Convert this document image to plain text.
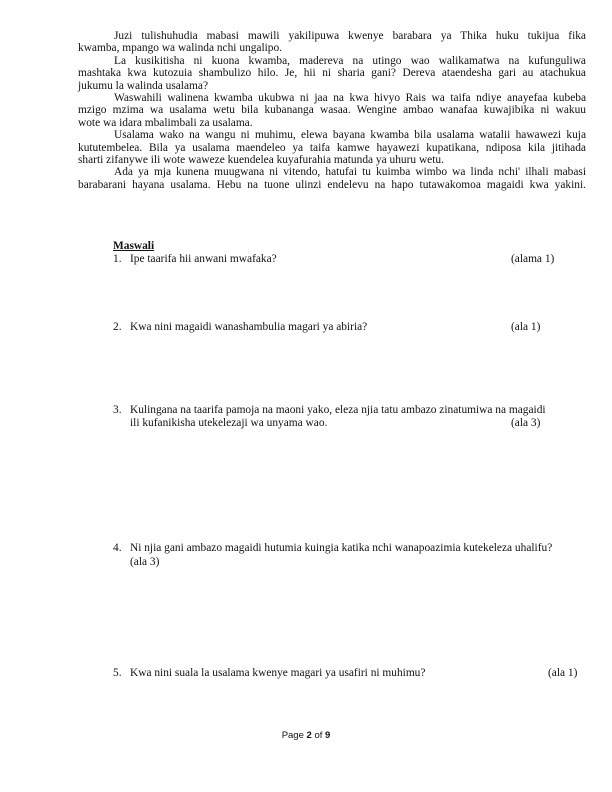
Juzi tulishuhudia mabasi mawili yakilipuwa kwenye barabara ya Thika huku tukijua fika
kwamba, mpango wa walinda nchi ungalipo.
La kusikitisha ni kuona kwamba, madereva na utingo wao walikamatwa na kufunguliwa
mashtaka kwa kutozuia shambulizo hilo. Je, hii ni sharia gani? Dereva ataendesha gari au atachukua
jukumu la walinda usalama?
Waswahili walinena kwamba ukubwa ni jaa na kwa hivyo Rais wa taifa ndiye anayefaa kubeba
mzigo mzima wa usalama wetu bila kubananga wasaa. Wengine ambao wanafaa kuwajibika ni wakuu
wote wa idara mbalimbali za usalama.
Usalama wako na wangu ni muhimu, elewa bayana kwamba bila usalama watalii hawawezi kuja
kututembelea. Bila ya usalama maendeleo ya taifa kamwe hayawezi kupatikana, ndiposa kila jitihada
sharti zifanywe ili wote waweze kuendelea kuyafurahia matunda ya uhuru wetu.
Ada ya mja kunena muugwana ni vitendo, hatufai tu kuimba wimbo wa linda nchi' ilhali mabasi
barabarani hayana usalama. Hebu na tuone ulinzi endelevu na hapo tutawakomoa magaidi kwa yakini.
Maswali
1. Ipe taarifa hii anwani mwafaka?	(alama 1)
2. Kwa nini magaidi wanashambulia magari ya abiria?	(ala 1)
3. Kulingana na taarifa pamoja na maoni yako, eleza njia tatu ambazo zinatumiwa na magaidi
ili kufanikisha utekelezaji wa unyama wao.	(ala 3)
4. Ni njia gani ambazo magaidi hutumia kuingia katika nchi wanapoazimia kutekeleza uhalifu?
(ala 3)
5. Kwa nini suala la usalama kwenye magari ya usafiri ni muhimu?	(ala 1)
Page 2 of 9
